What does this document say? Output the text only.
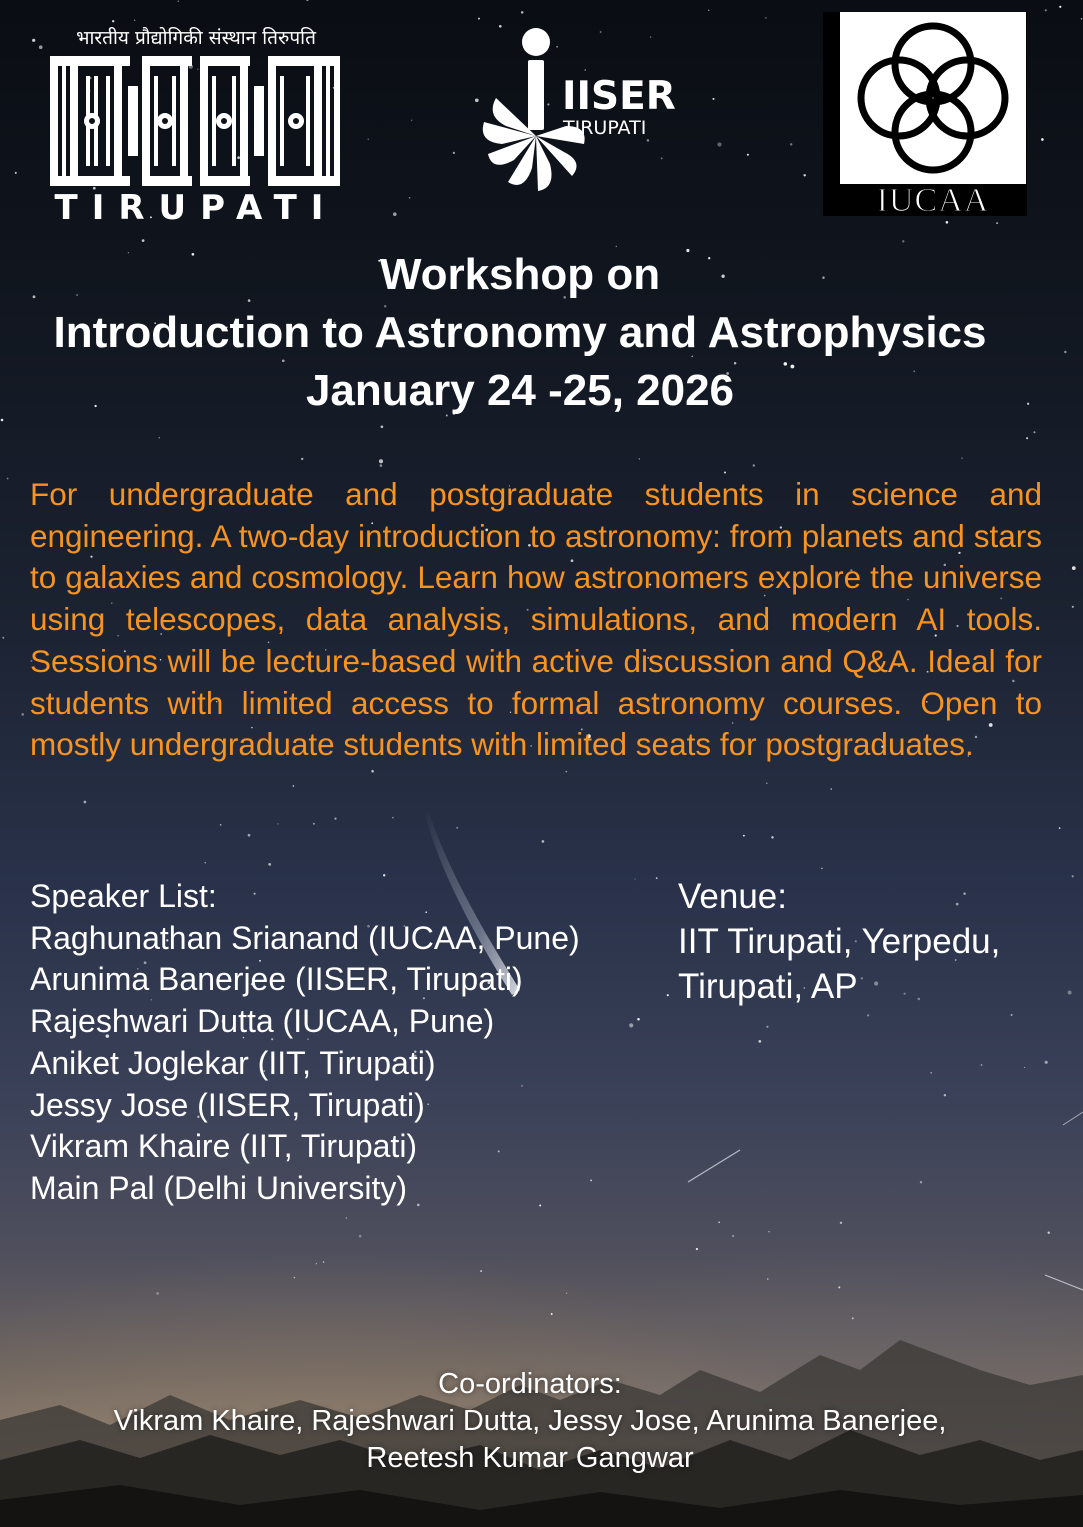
भारतीय प्रौद्योगिकी संस्थान तिरुपति
TIRUPATI
IISER
TIRUPATI
IUCAA
Workshop on
Introduction to Astronomy and Astrophysics
January 24 -25, 2026
For undergraduate and postgraduate students in science and engineering. A two-day introduction to astronomy: from planets and stars to galaxies and cosmology. Learn how astronomers explore the universe using telescopes, data analysis, simulations, and modern AI tools. Sessions will be lecture-based with active discussion and Q&A. Ideal for students with limited access to formal astronomy courses. Open to mostly undergraduate students with limited seats for postgraduates.
Speaker List:
Raghunathan Srianand (IUCAA, Pune)
Arunima Banerjee (IISER, Tirupati)
Rajeshwari Dutta (IUCAA, Pune)
Aniket Joglekar (IIT, Tirupati)
Jessy Jose (IISER, Tirupati)
Vikram Khaire (IIT, Tirupati)
Main Pal (Delhi University)
Venue:
IIT Tirupati, Yerpedu,
Tirupati, AP
Co-ordinators:
Vikram Khaire, Rajeshwari Dutta, Jessy Jose, Arunima Banerjee,
Reetesh Kumar Gangwar
